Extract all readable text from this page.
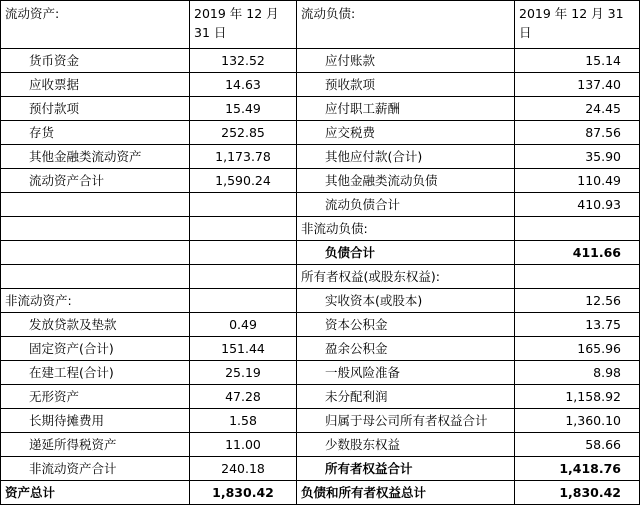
流动资产:	2019 年 12 月 31 日	流动负债:	2019 年 12 月 31 日
货币资金	132.52	应付账款	15.14
应收票据	14.63	预收款项	137.40
预付款项	15.49	应付职工薪酬	24.45
存货	252.85	应交税费	87.56
其他金融类流动资产	1,173.78	其他应付款(合计)	35.90
流动资产合计	1,590.24	其他金融类流动负债	110.49
		流动负债合计	410.93
		非流动负债:	
		负债合计	411.66
		所有者权益(或股东权益):	
非流动资产:		实收资本(或股本)	12.56
发放贷款及垫款	0.49	资本公积金	13.75
固定资产(合计)	151.44	盈余公积金	165.96
在建工程(合计)	25.19	一般风险准备	8.98
无形资产	47.28	未分配利润	1,158.92
长期待摊费用	1.58	归属于母公司所有者权益合计	1,360.10
递延所得税资产	11.00	少数股东权益	58.66
非流动资产合计	240.18	所有者权益合计	1,418.76
资产总计	1,830.42	负债和所有者权益总计	1,830.42
